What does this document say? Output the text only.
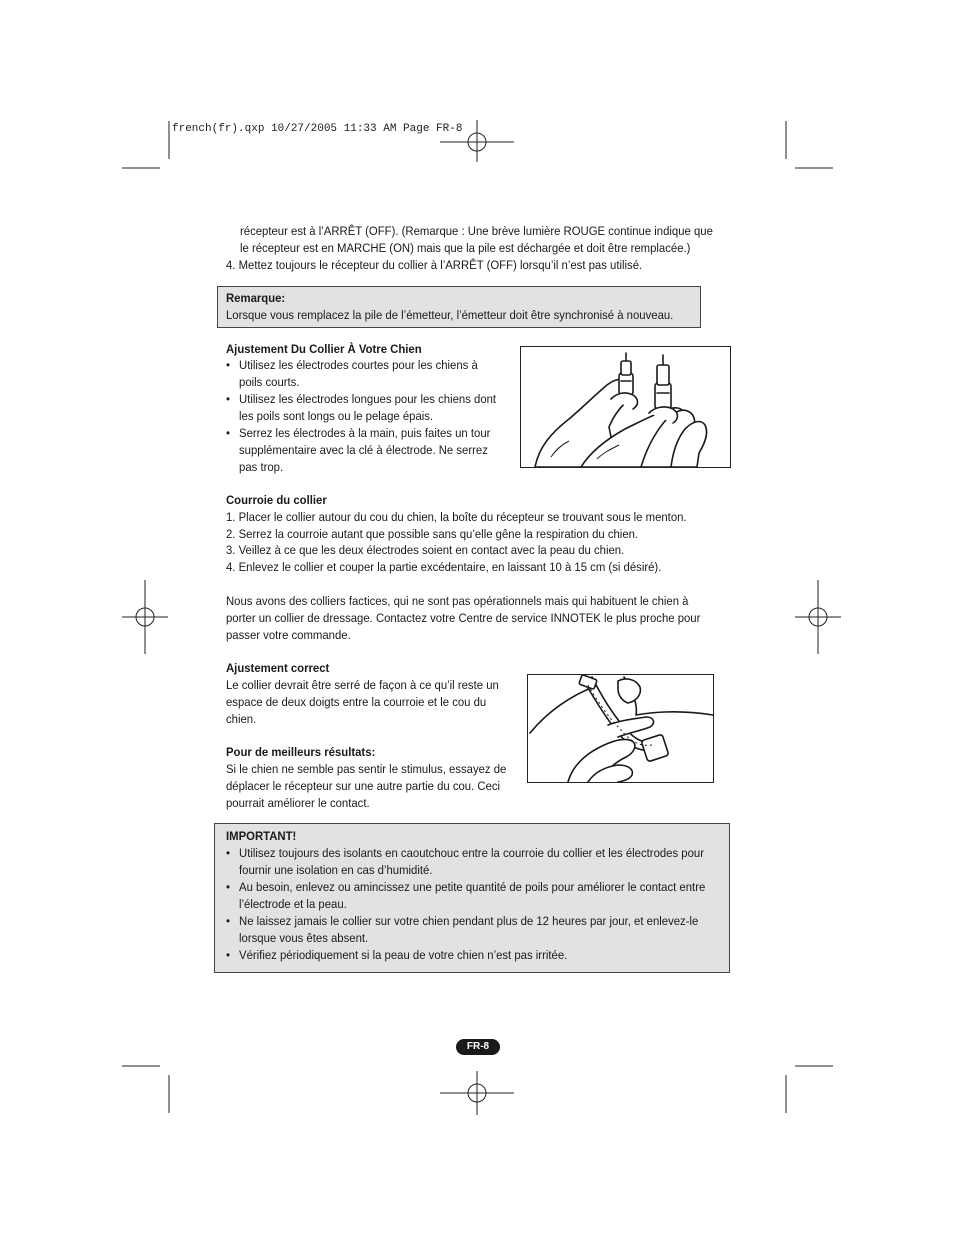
french(fr).qxp 10/27/2005 11:33 AM Page FR-8
récepteur est à l’ARRÊT (OFF). (Remarque : Une brève lumière ROUGE continue indique que
le récepteur est en MARCHE (ON) mais que la pile est déchargée et doit être remplacée.)
4. Mettez toujours le récepteur du collier à l’ARRÊT (OFF) lorsqu’il n’est pas utilisé.
Remarque:
Lorsque vous remplacez la pile de l’émetteur, l’émetteur doit être synchronisé à nouveau.
Ajustement Du Collier À Votre Chien
• Utilisez les électrodes courtes pour les chiens à
poils courts.
• Utilisez les électrodes longues pour les chiens dont
les poils sont longs ou le pelage épais.
• Serrez les électrodes à la main, puis faites un tour
supplémentaire avec la clé à électrode. Ne serrez
pas trop.
Courroie du collier
1. Placer le collier autour du cou du chien, la boîte du récepteur se trouvant sous le menton.
2. Serrez la courroie autant que possible sans qu’elle gêne la respiration du chien.
3. Veillez à ce que les deux électrodes soient en contact avec la peau du chien.
4. Enlevez le collier et couper la partie excédentaire, en laissant 10 à 15 cm (si désiré).
Nous avons des colliers factices, qui ne sont pas opérationnels mais qui habituent le chien à
porter un collier de dressage. Contactez votre Centre de service INNOTEK le plus proche pour
passer votre commande.
Ajustement correct
Le collier devrait être serré de façon à ce qu’il reste un
espace de deux doigts entre la courroie et le cou du
chien.
Pour de meilleurs résultats:
Si le chien ne semble pas sentir le stimulus, essayez de
déplacer le récepteur sur une autre partie du cou. Ceci
pourrait améliorer le contact.
IMPORTANT!
• Utilisez toujours des isolants en caoutchouc entre la courroie du collier et les électrodes pour
fournir une isolation en cas d’humidité.
• Au besoin, enlevez ou amincissez une petite quantité de poils pour améliorer le contact entre
l’électrode et la peau.
• Ne laissez jamais le collier sur votre chien pendant plus de 12 heures par jour, et enlevez-le
lorsque vous êtes absent.
• Vérifiez périodiquement si la peau de votre chien n’est pas irritée.
FR-8
